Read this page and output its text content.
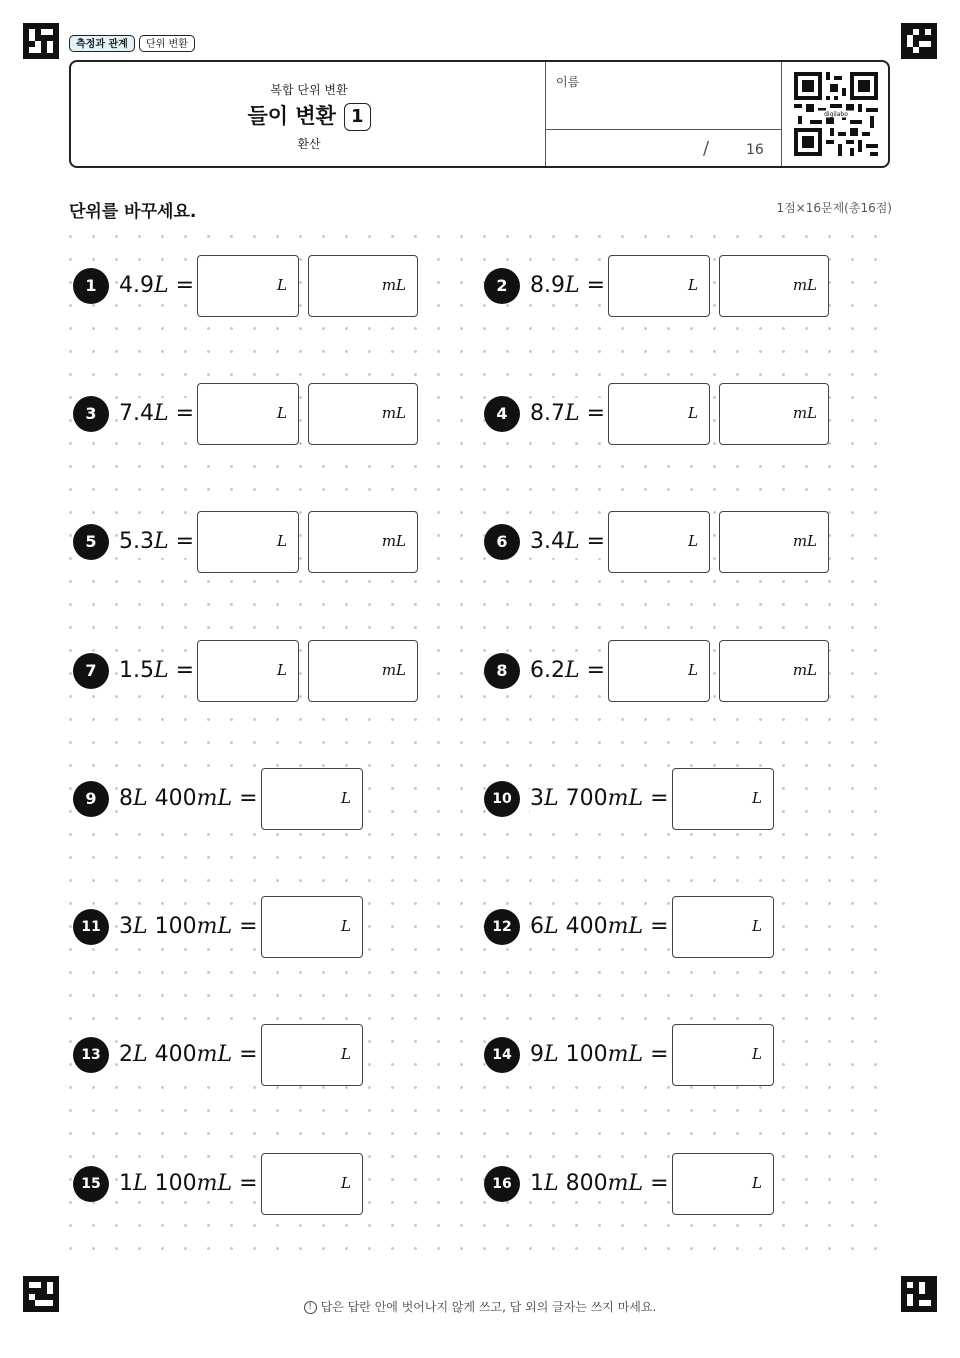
측정과 관계	단위 변환
복합 단위 변환
들이 변환 1
환산
이름
/	16
digilabo
단위를 바꾸세요.	1점×16문제(총16점)
1	4.9L =	L	mL	2	8.9L =	L	mL
3	7.4L =	L	mL	4	8.7L =	L	mL
5	5.3L =	L	mL	6	3.4L =	L	mL
7	1.5L =	L	mL	8	6.2L =	L	mL
9	8L 400mL =	L	10 3L 700mL =	L
11 3L 100mL =	L	12 6L 400mL =	L
13 2L 400mL =	L	14 9L 100mL =	L
15 1L 100mL =	L	16 1L 800mL =	L
! 답은 답란 안에 벗어나지 않게 쓰고, 답 외의 글자는 쓰지 마세요.
